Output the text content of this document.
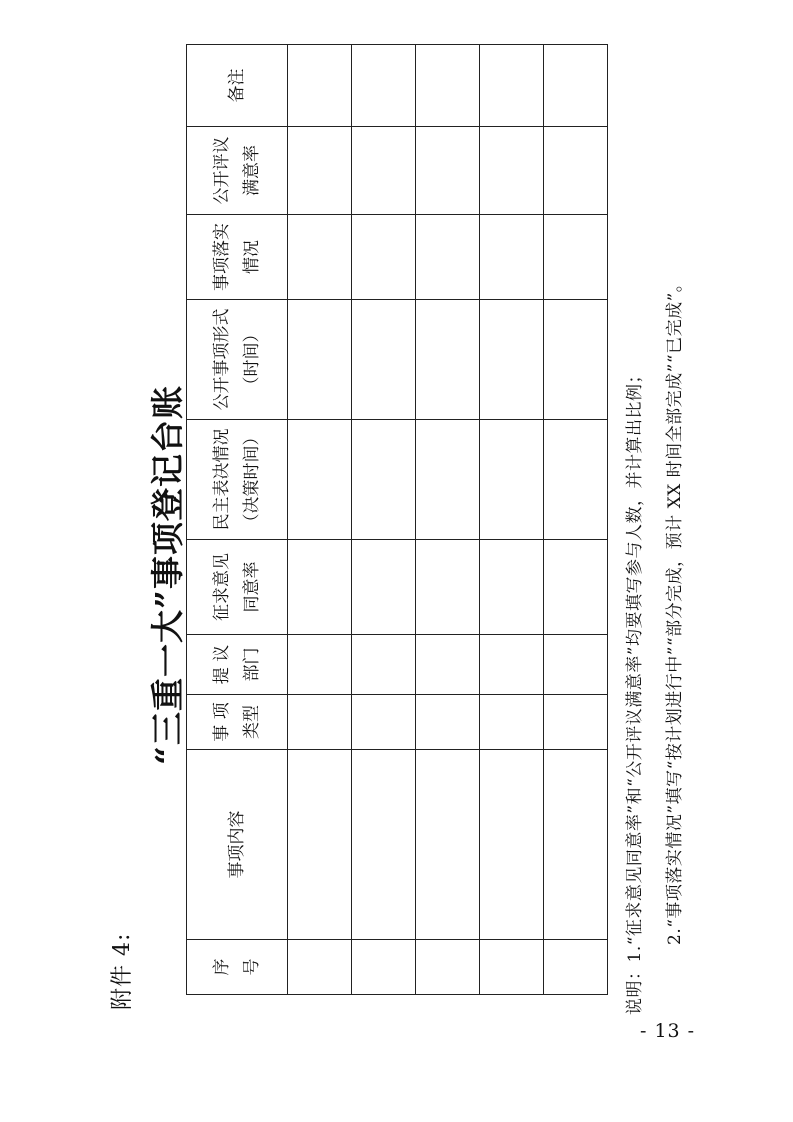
附件 4:
“三重一大”事项登记台账
序 号	事项内容	事 项 类型	提 议 部门	征求意见 同意率	民主表决情况 （决策时间）	公开事项形式 （时间）	事项落实 情况	公开评议 满意率	备注

说明：1.“征求意见同意率”和“公开评议满意率”均要填写参与人数，并计算出比例；	2.“事项落实情况”填写“按计划进行中”“部分完成，预计 XX 时间全部完成”“已完成”。
- 13 -
